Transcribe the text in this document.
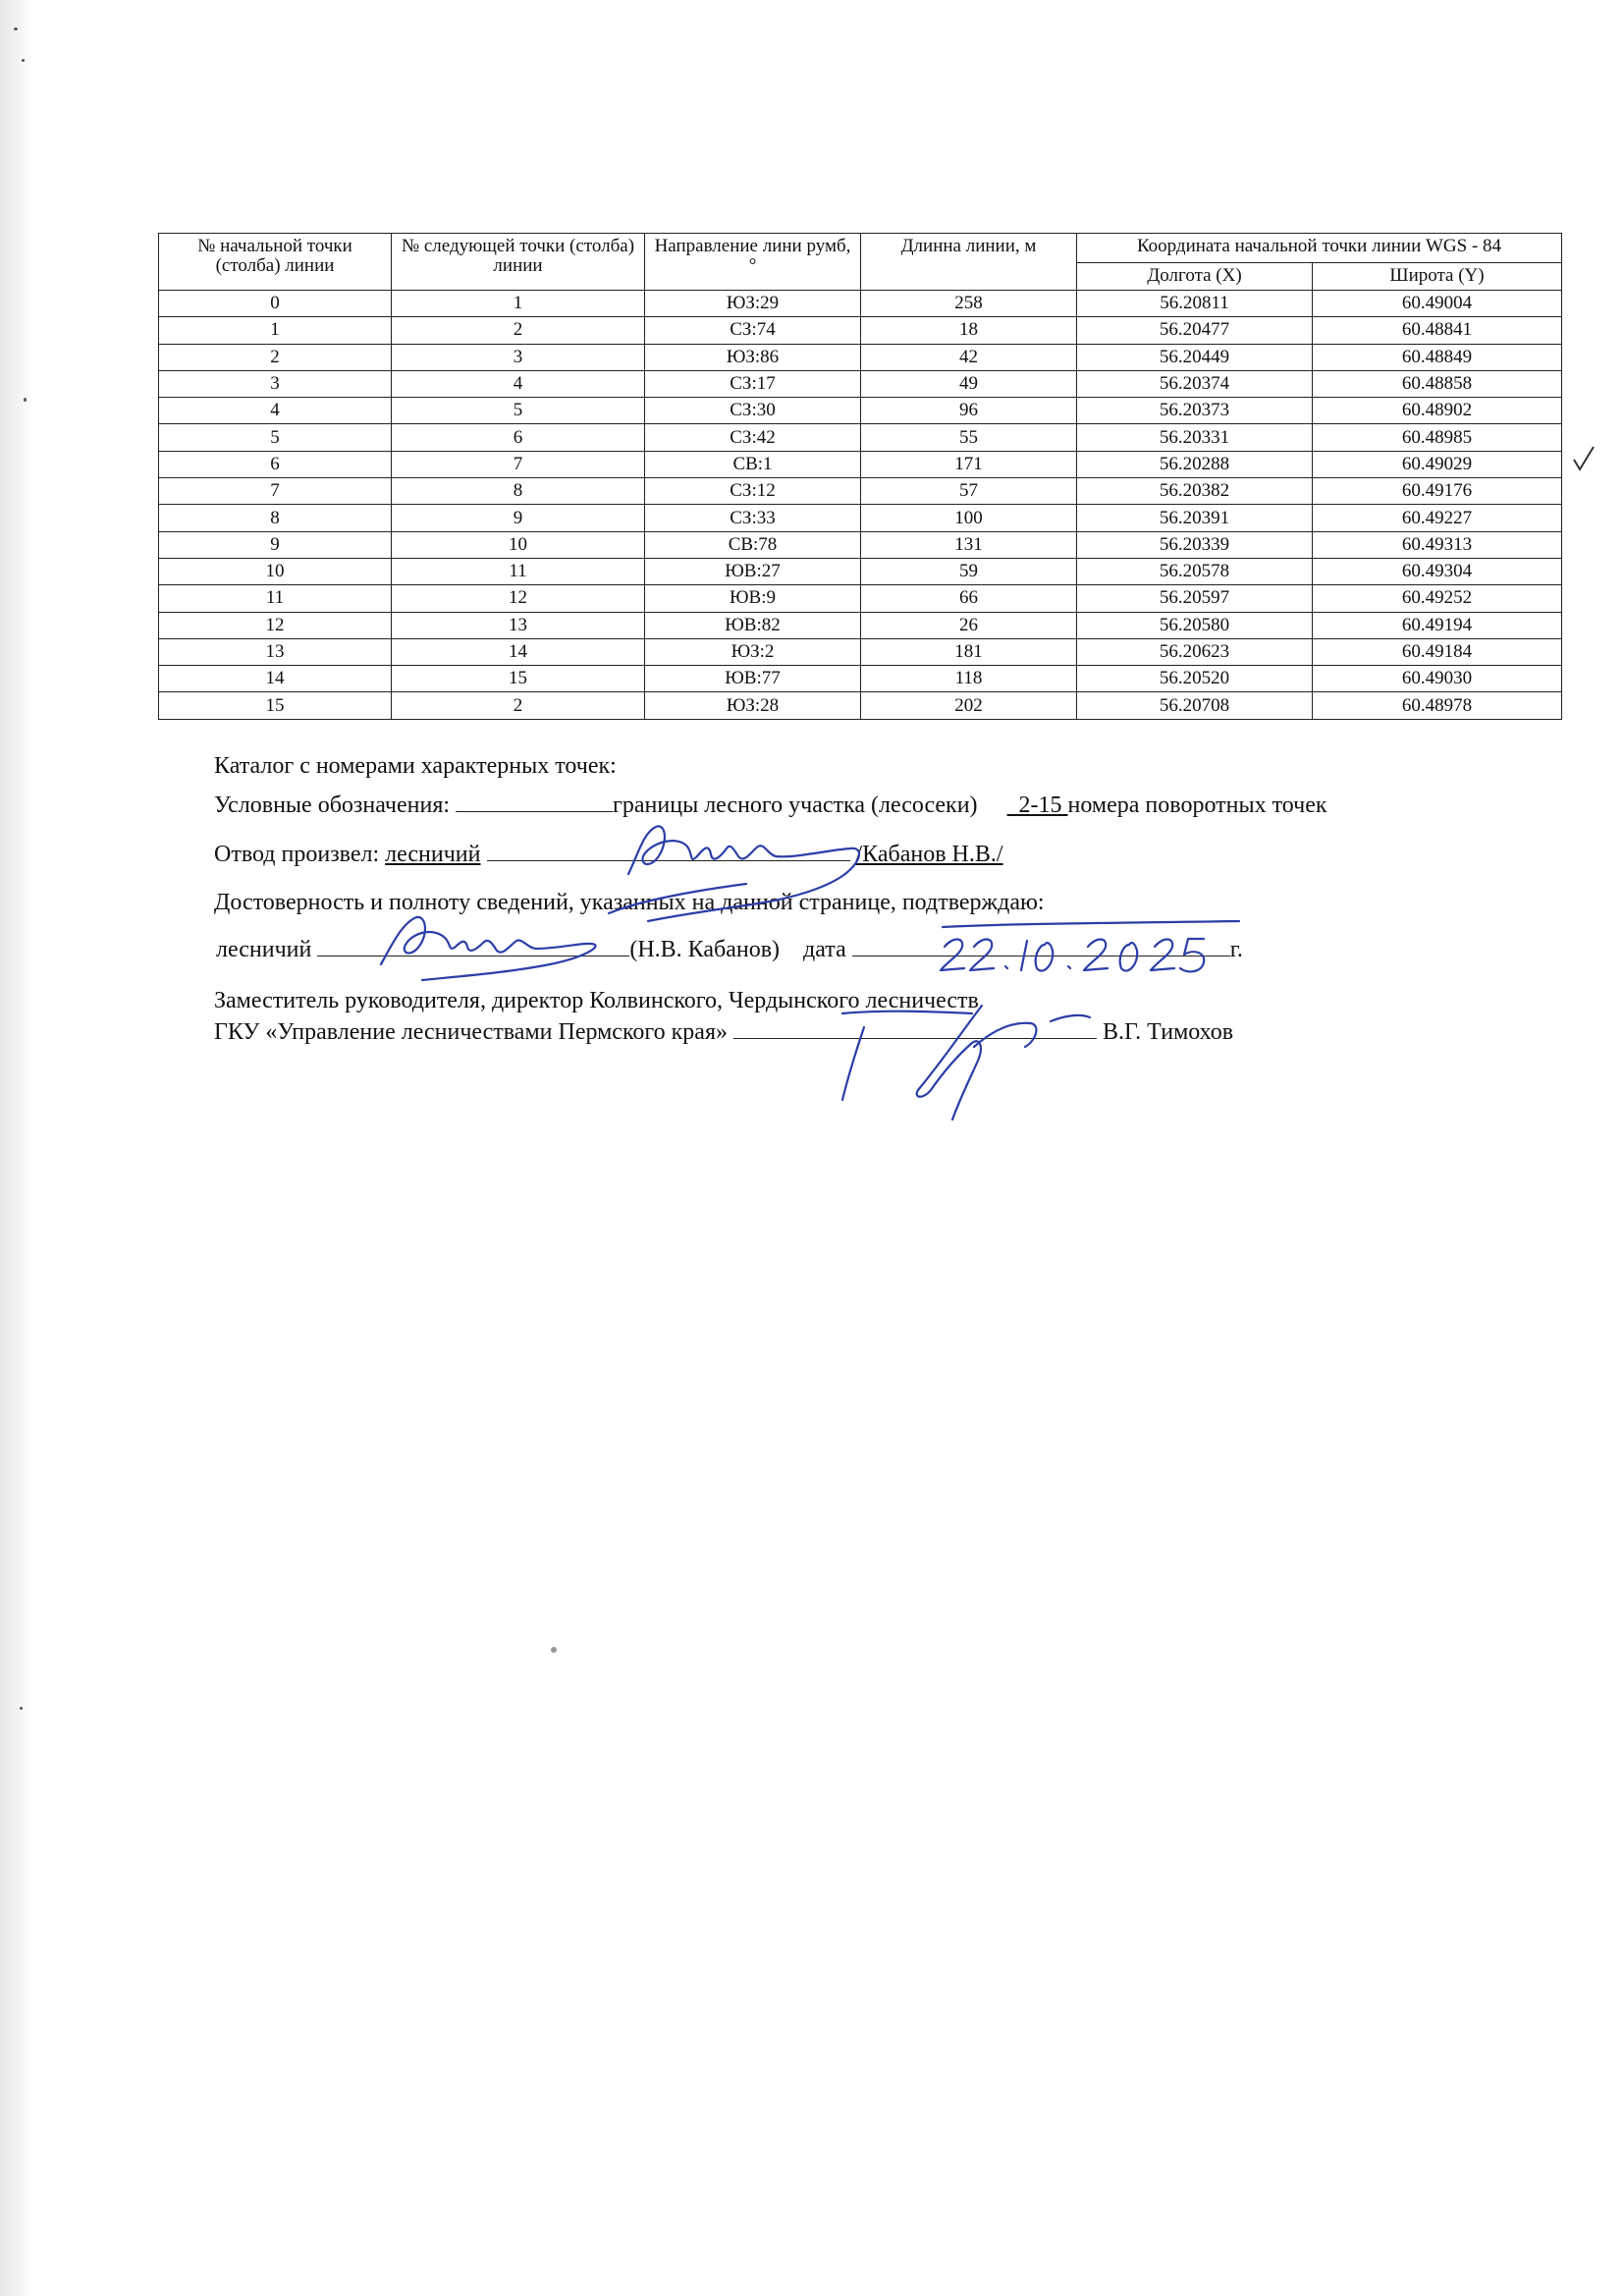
№ начальной точки (столба) линии	№ следующей точки (столба) линии	Направление лини румб, °	Длинна линии, м	Координата начальной точки линии WGS - 84	
				Долгота (X)	Широта (Y)
0	1	ЮЗ:29	258	56.20811	60.49004
1	2	СЗ:74	18	56.20477	60.48841
2	3	ЮЗ:86	42	56.20449	60.48849
3	4	СЗ:17	49	56.20374	60.48858
4	5	СЗ:30	96	56.20373	60.48902
5	6	СЗ:42	55	56.20331	60.48985
6	7	СВ:1	171	56.20288	60.49029
7	8	СЗ:12	57	56.20382	60.49176
8	9	СЗ:33	100	56.20391	60.49227
9	10	СВ:78	131	56.20339	60.49313
10	11	ЮВ:27	59	56.20578	60.49304
11	12	ЮВ:9	66	56.20597	60.49252
12	13	ЮВ:82	26	56.20580	60.49194
13	14	ЮЗ:2	181	56.20623	60.49184
14	15	ЮВ:77	118	56.20520	60.49030
15	2	ЮЗ:28	202	56.20708	60.48978
Каталог с номерами характерных точек:
Условные обозначения:	границы лесного участка (лесосеки) 2-15 номера поворотных точек
Отвод произвел: лесничий	/Кабанов Н.В./
Достоверность и полноту сведений, указанных на данной странице, подтверждаю:
лесничий	(Н.В. Кабанов) дата	г.
Заместитель руководителя, директор Колвинского, Чердынского лесничеств
ГКУ «Управление лесничествами Пермского края»	В.Г. Тимохов
